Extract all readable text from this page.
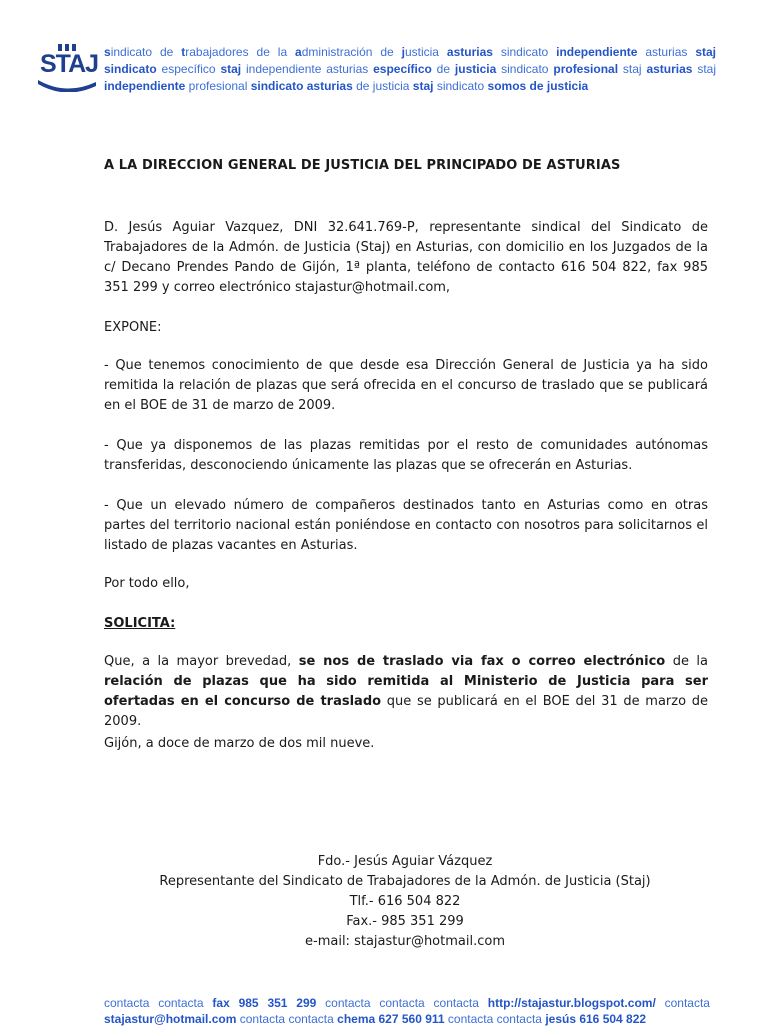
STAJ sindicato de trabajadores de la administración de justicia asturias sindicato independiente asturias staj sindicato específico staj independiente asturias específico de justicia sindicato profesional staj asturias staj independiente profesional sindicato asturias de justicia staj sindicato somos de justicia
A LA DIRECCION GENERAL DE JUSTICIA DEL PRINCIPADO DE ASTURIAS
D. Jesús Aguiar Vazquez, DNI 32.641.769-P, representante sindical del Sindicato de Trabajadores de la Admón. de Justicia (Staj) en Asturias, con domicilio en los Juzgados de la c/ Decano Prendes Pando de Gijón, 1ª planta, teléfono de contacto 616 504 822, fax 985 351 299 y correo electrónico stajastur@hotmail.com,
EXPONE:
- Que tenemos conocimiento de que desde esa Dirección General de Justicia ya ha sido remitida la relación de plazas que será ofrecida en el concurso de traslado que se publicará en el BOE de 31 de marzo de 2009.
- Que ya disponemos de las plazas remitidas por el resto de comunidades autónomas transferidas, desconociendo únicamente las plazas que se ofrecerán en Asturias.
- Que un elevado número de compañeros destinados tanto en Asturias como en otras partes del territorio nacional están poniéndose en contacto con nosotros para solicitarnos el listado de plazas vacantes en Asturias.
Por todo ello,
SOLICITA:
Que, a la mayor brevedad, se nos de traslado via fax o correo electrónico de la relación de plazas que ha sido remitida al Ministerio de Justicia para ser ofertadas en el concurso de traslado que se publicará en el BOE del 31 de marzo de 2009.
Gijón, a doce de marzo de dos mil nueve.
Fdo.- Jesús Aguiar Vázquez
Representante del Sindicato de Trabajadores de la Admón. de Justicia (Staj)
Tlf.- 616 504 822
Fax.- 985 351 299
e-mail: stajastur@hotmail.com
contacta contacta fax 985 351 299 contacta contacta contacta http://stajastur.blogspot.com/ contacta stajastur@hotmail.com contacta contacta chema 627 560 911 contacta contacta jesús 616 504 822
